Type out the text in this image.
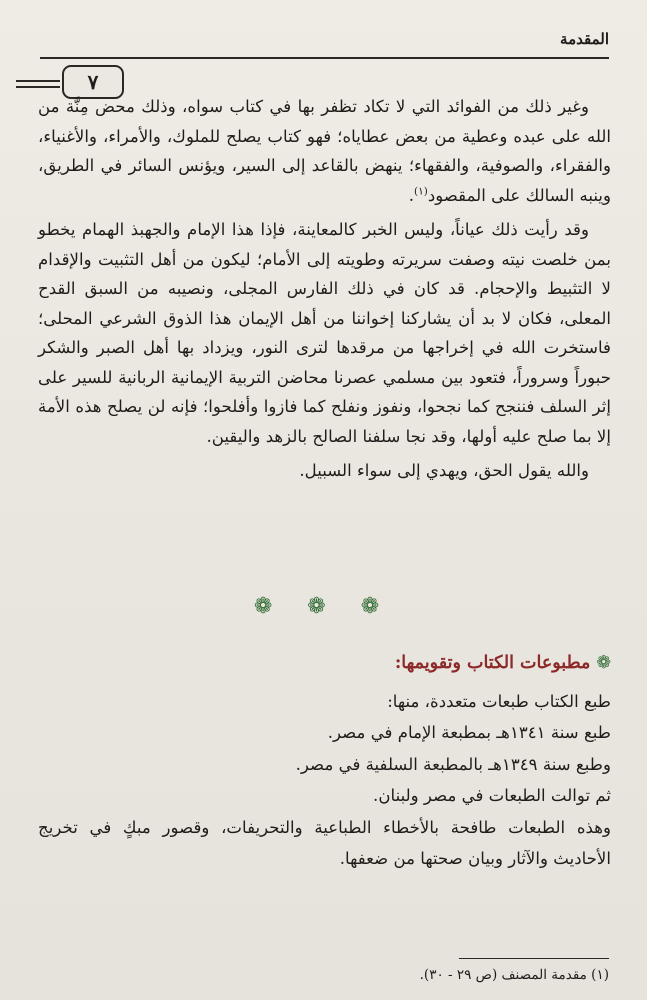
المقدمة
٧

وغير ذلك من الفوائد التي لا تكاد تظفر بها في كتاب سواه، وذلك محض مِنَّة من الله على عبده وعطية من بعض عطاياه؛ فهو كتاب يصلح للملوك، والأمراء، والأغنياء، والفقراء، والصوفية، والفقهاء؛ ينهض بالقاعد إلى السير، ويؤنس السائر في الطريق، وينبه السالك على المقصود$^{(١)}$.

وقد رأيت ذلك عياناً، وليس الخبر كالمعاينة، فإذا هذا الإمام والجهبذ الهمام يخطو بمن خلصت نيته وصفت سريرته وطويته إلى الأمام؛ ليكون من أهل التثبيت والإقدام لا التثبيط والإحجام. قد كان في ذلك الفارس المجلى، ونصيبه من السبق القدح المعلى، فكان لا بد أن يشاركنا إخواننا من أهل الإيمان هذا الذوق الشرعي المحلى؛ فاستخرت الله في إخراجها من مرقدها لترى النور، ويزداد بها أهل الصبر والشكر حبوراً وسروراً، فتعود بين مسلمي عصرنا محاضن التربية الإيمانية الربانية للسير على إثر السلف فننجح كما نجحوا، ونفوز ونفلح كما فازوا وأفلحوا؛ فإنه لن يصلح هذه الأمة إلا بما صلح عليه أولها، وقد نجا سلفنا الصالح بالزهد واليقين.

والله يقول الحق، ويهدي إلى سواء السبيل.

❁ ❁ ❁
❁مطبوعات الكتاب وتقويمها:

طبع الكتاب طبعات متعددة، منها:

طبع سنة ١٣٤١هـ بمطبعة الإمام في مصر.

وطبع سنة ١٣٤٩هـ بالمطبعة السلفية في مصر.

ثم توالت الطبعات في مصر ولبنان.

وهذه الطبعات طافحة بالأخطاء الطباعية والتحريفات، وقصور مبكٍ في تخريج الأحاديث والآثار وبيان صحتها من ضعفها.

(١) مقدمة المصنف (ص ٢٩ - ٣٠).
